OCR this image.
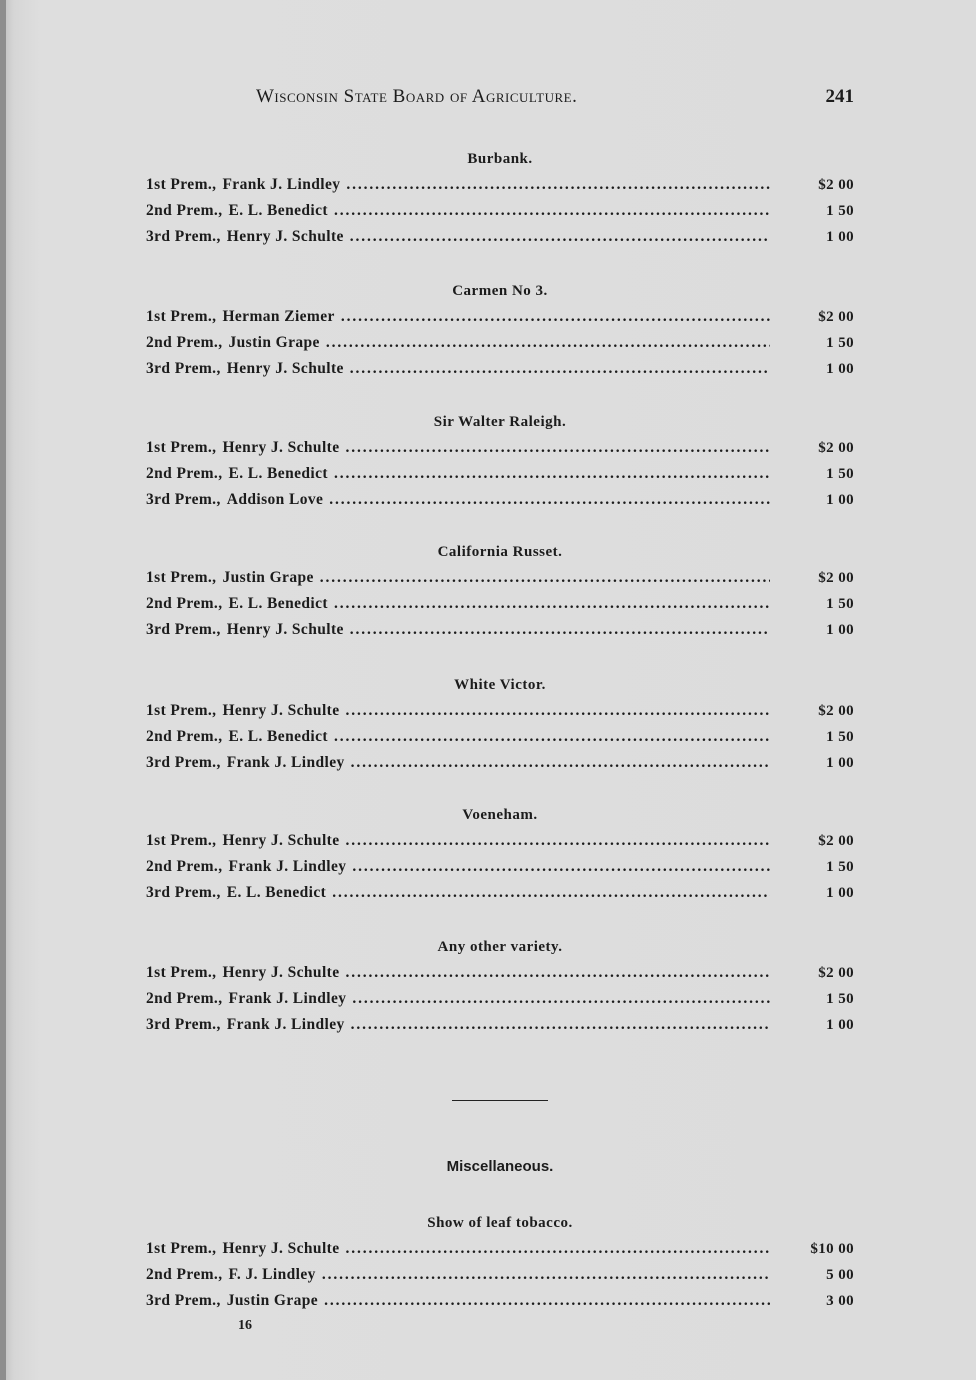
Wisconsin State Board of Agriculture.	241
Burbank.
1st Prem., Frank J. Lindley . . .	$2 00
2nd Prem., E. L. Benedict . . .	1 50
3rd Prem., Henry J. Schulte . . .	1 00
Carmen No 3.
1st Prem., Herman Ziemer . . .	$2 00
2nd Prem., Justin Grape . . .	1 50
3rd Prem., Henry J. Schulte . . .	1 00
Sir Walter Raleigh.
1st Prem., Henry J. Schulte . . .	$2 00
2nd Prem., E. L. Benedict . . .	1 50
3rd Prem., Addison Love . . .	1 00
California Russet.
1st Prem., Justin Grape . . .	$2 00
2nd Prem., E. L. Benedict . . .	1 50
3rd Prem., Henry J. Schulte . . .	1 00
White Victor.
1st Prem., Henry J. Schulte . . .	$2 00
2nd Prem., E. L. Benedict . . .	1 50
3rd Prem., Frank J. Lindley . . .	1 00
Voeneham.
1st Prem., Henry J. Schulte . . .	$2 00
2nd Prem., Frank J. Lindley . . .	1 50
3rd Prem., E. L. Benedict . . .	1 00
Any other variety.
1st Prem., Henry J. Schulte . . .	$2 00
2nd Prem., Frank J. Lindley . . .	1 50
3rd Prem., Frank J. Lindley . . .	1 00
Miscellaneous.
Show of leaf tobacco.
1st Prem., Henry J. Schulte . . .	$10 00
2nd Prem., F. J. Lindley . . .	5 00
3rd Prem., Justin Grape . . .	3 00
16
